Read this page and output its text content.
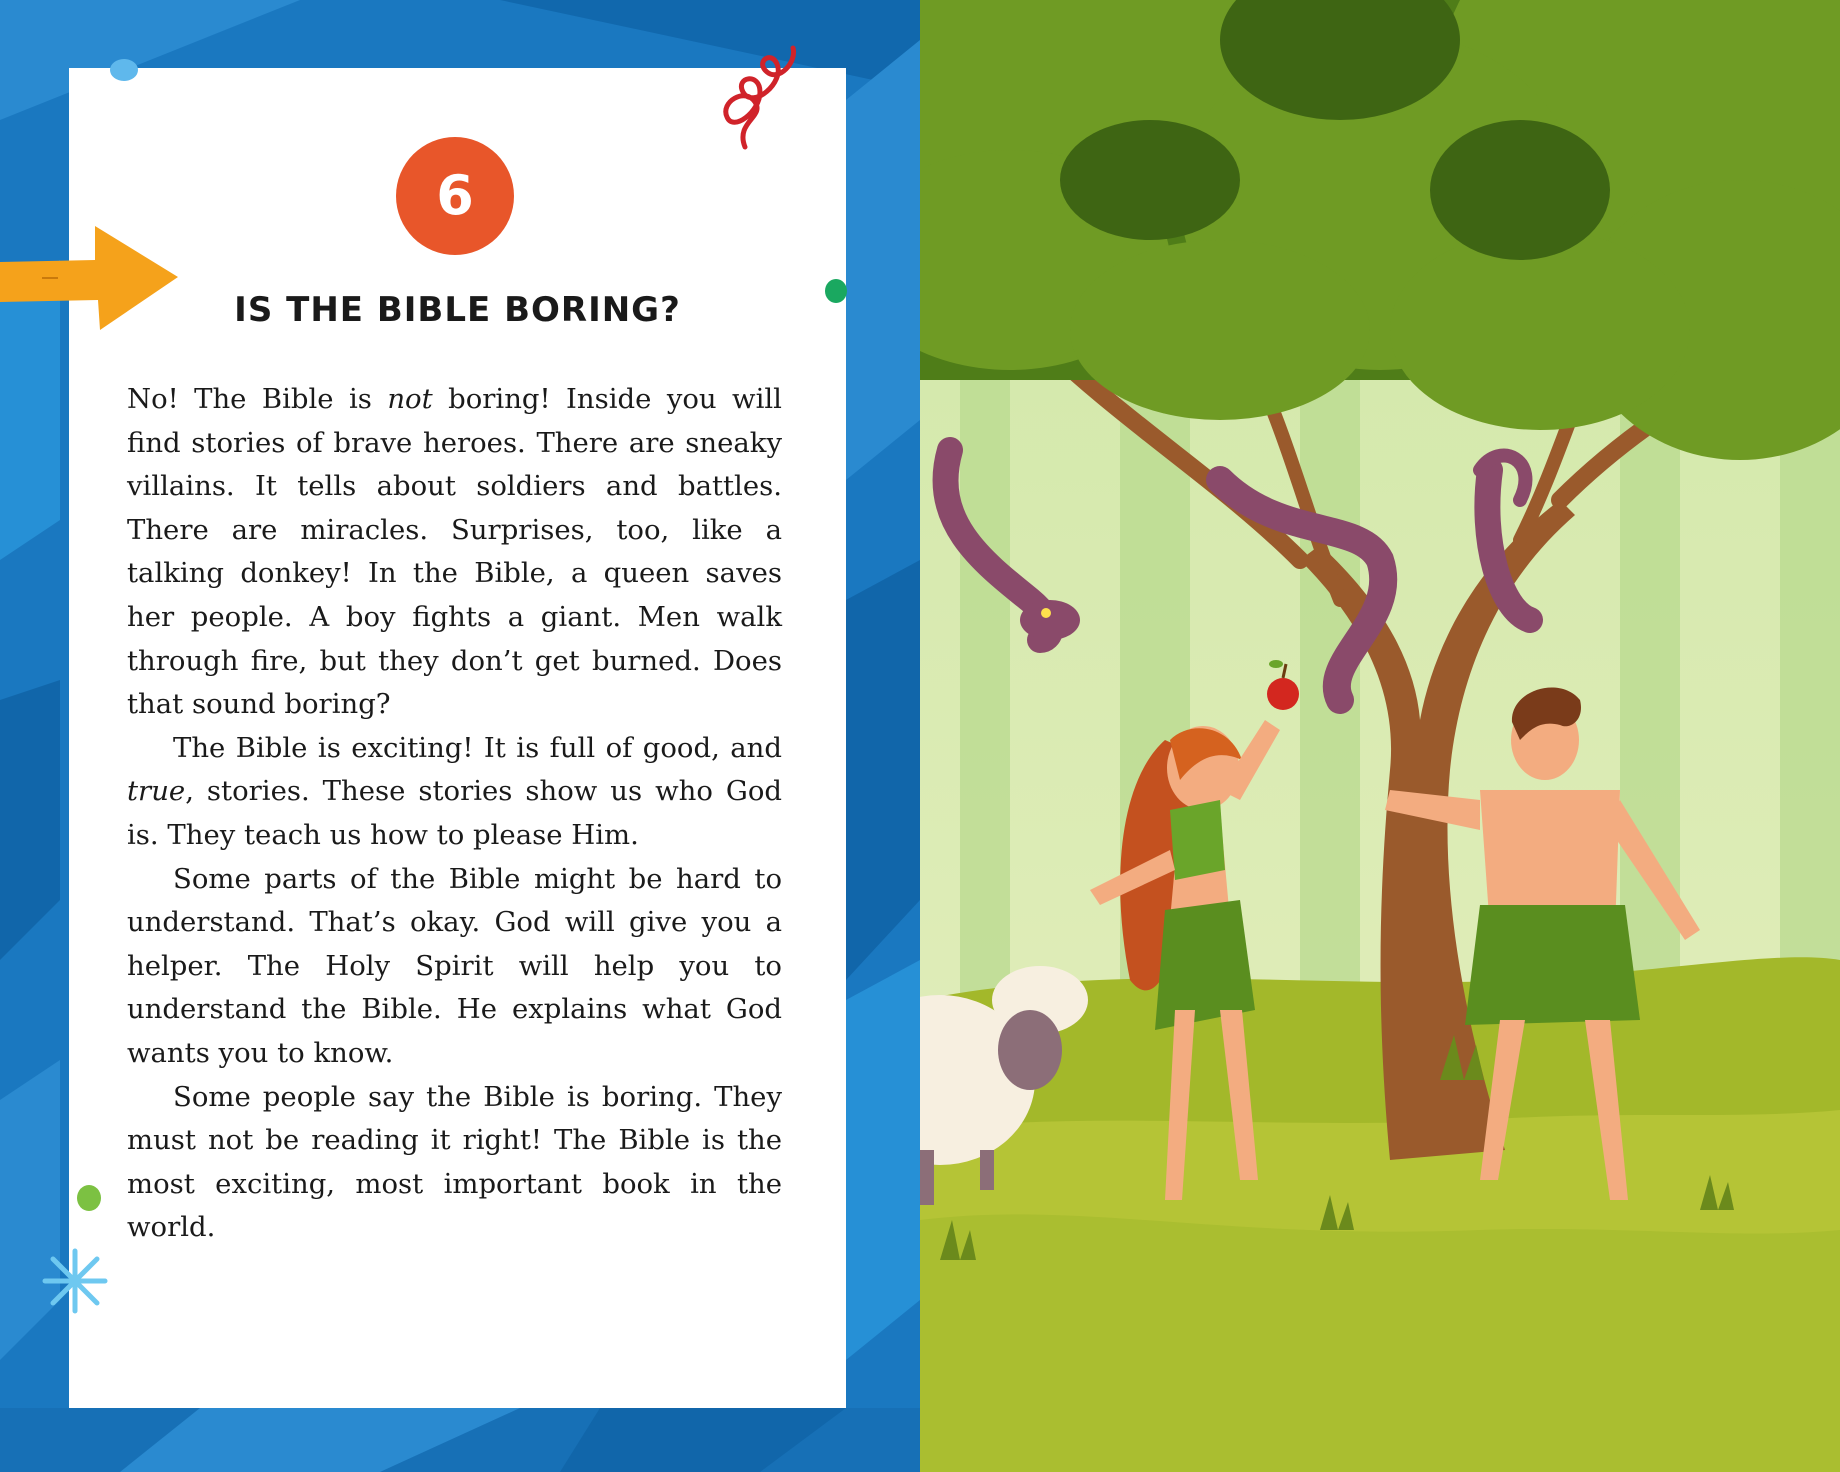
6
IS THE BIBLE BORING?

No! The Bible is not boring! Inside you will find stories of brave heroes. There are sneaky villains. It tells about soldiers and battles. There are miracles. Surprises, too, like a talking donkey! In the Bible, a queen saves her people. A boy fights a giant. Men walk through fire, but they don’t get burned. Does that sound boring?

The Bible is exciting! It is full of good, and true, stories. These stories show us who God is. They teach us how to please Him.

Some parts of the Bible might be hard to understand. That’s okay. God will give you a helper. The Holy Spirit will help you to understand the Bible. He explains what God wants you to know.

Some people say the Bible is boring. They must not be reading it right! The Bible is the most exciting, most important book in the world.
